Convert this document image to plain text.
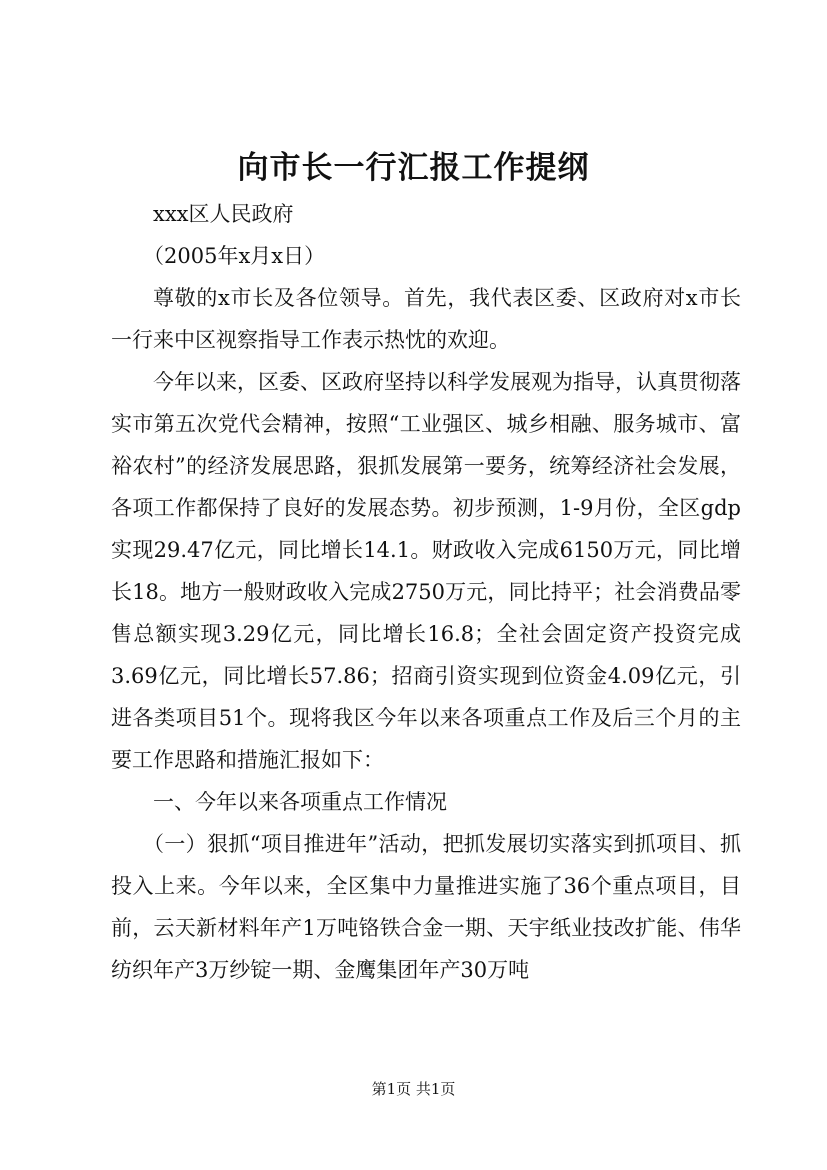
向市长一行汇报工作提纲

xxx区人民政府

（2005年x月x日）

尊敬的x市长及各位领导。首先，我代表区委、区政府对x市长一行来中区视察指导工作表示热忱的欢迎。

今年以来，区委、区政府坚持以科学发展观为指导，认真贯彻落实市第五次党代会精神，按照“工业强区、城乡相融、服务城市、富裕农村”的经济发展思路，狠抓发展第一要务，统筹经济社会发展，各项工作都保持了良好的发展态势。初步预测，1-9月份，全区gdp实现29.47亿元，同比增长14.1。财政收入完成6150万元，同比增长18。地方一般财政收入完成2750万元，同比持平；社会消费品零售总额实现3.29亿元，同比增长16.8；全社会固定资产投资完成3.69亿元，同比增长57.86；招商引资实现到位资金4.09亿元，引进各类项目51个。现将我区今年以来各项重点工作及后三个月的主要工作思路和措施汇报如下：

一、今年以来各项重点工作情况

（一）狠抓“项目推进年”活动，把抓发展切实落实到抓项目、抓投入上来。今年以来，全区集中力量推进实施了36个重点项目，目前，云天新材料年产1万吨铬铁合金一期、天宇纸业技改扩能、伟华纺织年产3万纱锭一期、金鹰集团年产30万吨

第1页 共1页
